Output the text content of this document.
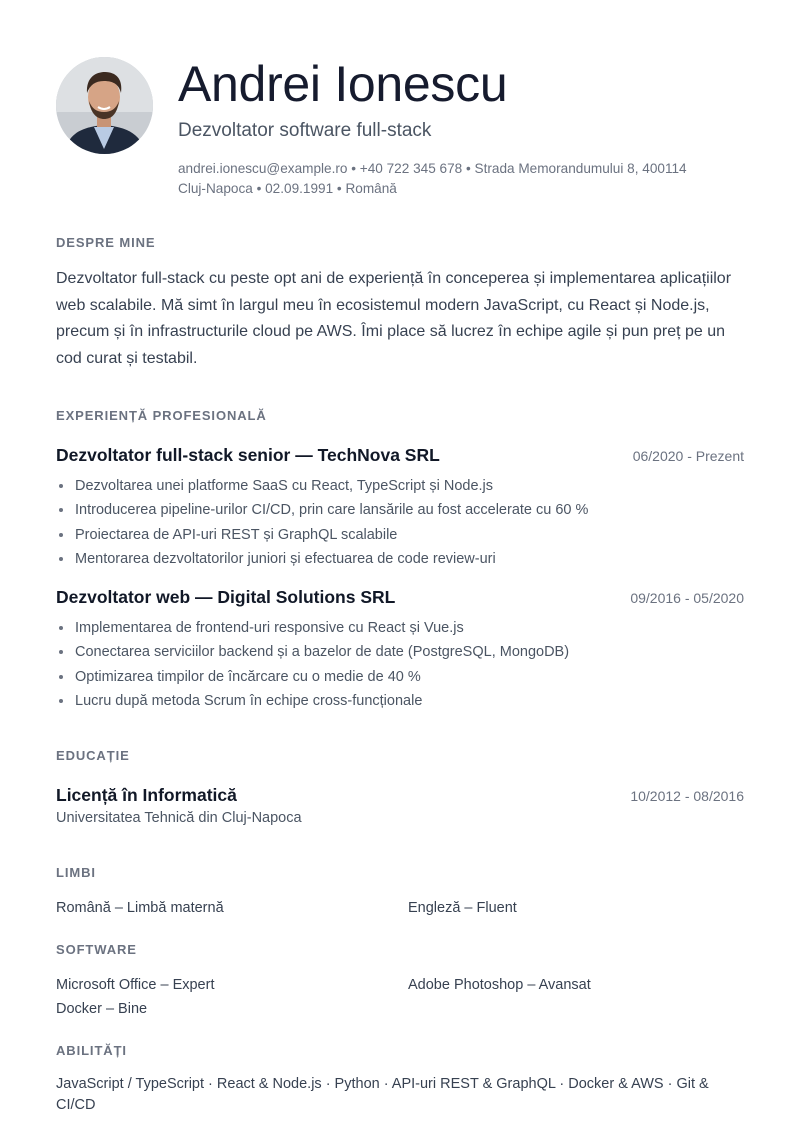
Andrei Ionescu
Dezvoltator software full-stack
andrei.ionescu@example.ro • +40 722 345 678 • Strada Memorandumului 8, 400114
Cluj-Napoca • 02.09.1991 • Română
DESPRE MINE
Dezvoltator full-stack cu peste opt ani de experiență în conceperea și implementarea aplicațiilor web scalabile. Mă simt în largul meu în ecosistemul modern JavaScript, cu React și Node.js, precum și în infrastructurile cloud pe AWS. Îmi place să lucrez în echipe agile și pun preț pe un cod curat și testabil.
EXPERIENȚĂ PROFESIONALĂ
Dezvoltator full-stack senior — TechNova SRL	06/2020 - Prezent
Dezvoltarea unei platforme SaaS cu React, TypeScript și Node.js
Introducerea pipeline-urilor CI/CD, prin care lansările au fost accelerate cu 60 %
Proiectarea de API-uri REST și GraphQL scalabile
Mentorarea dezvoltatorilor juniori și efectuarea de code review-uri
Dezvoltator web — Digital Solutions SRL	09/2016 - 05/2020
Implementarea de frontend-uri responsive cu React și Vue.js
Conectarea serviciilor backend și a bazelor de date (PostgreSQL, MongoDB)
Optimizarea timpilor de încărcare cu o medie de 40 %
Lucru după metoda Scrum în echipe cross-funcționale
EDUCAȚIE
Licență în Informatică	10/2012 - 08/2016
Universitatea Tehnică din Cluj-Napoca
LIMBI
Română – Limbă maternă	Engleză – Fluent
SOFTWARE
Microsoft Office – Expert	Adobe Photoshop – Avansat
Docker – Bine
ABILITĂȚI
JavaScript / TypeScript · React & Node.js · Python · API-uri REST & GraphQL · Docker & AWS · Git & CI/CD
